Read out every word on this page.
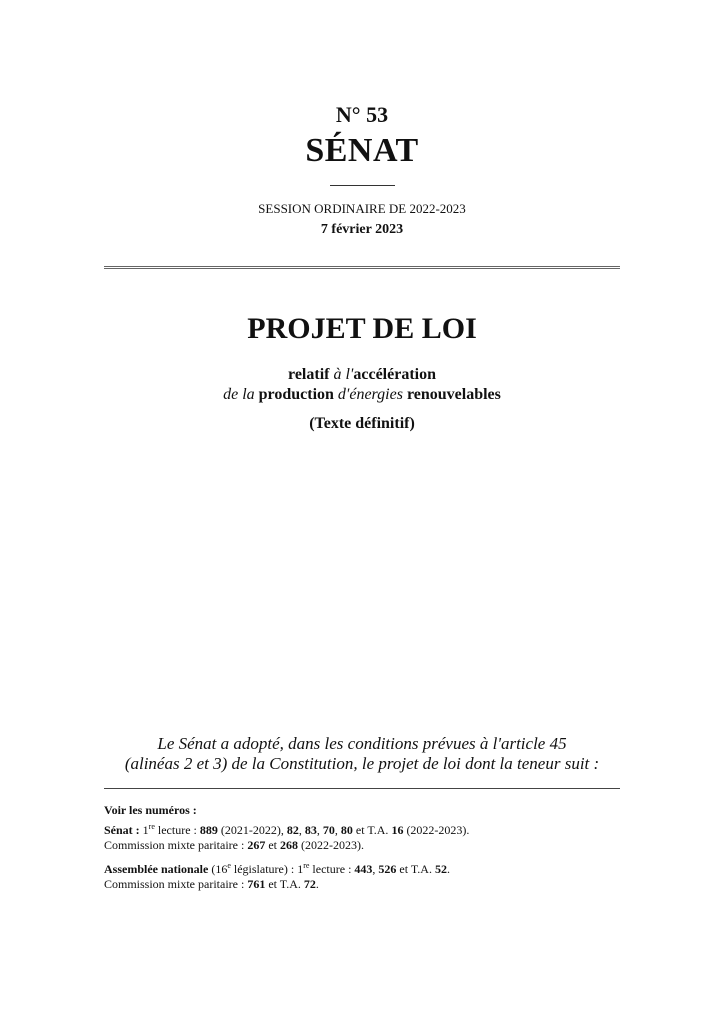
N° 53
SÉNAT
SESSION ORDINAIRE DE 2022-2023
7 février 2023
PROJET DE LOI
relatif à l'accélération
de la production d'énergies renouvelables
(Texte définitif)
Le Sénat a adopté, dans les conditions prévues à l'article 45
(alinéas 2 et 3) de la Constitution, le projet de loi dont la teneur suit :
Voir les numéros :
Sénat : 1re lecture : 889 (2021-2022), 82, 83, 70, 80 et T.A. 16 (2022-2023).
Commission mixte paritaire : 267 et 268 (2022-2023).
Assemblée nationale (16e législature) : 1re lecture : 443, 526 et T.A. 52.
Commission mixte paritaire : 761 et T.A. 72.
